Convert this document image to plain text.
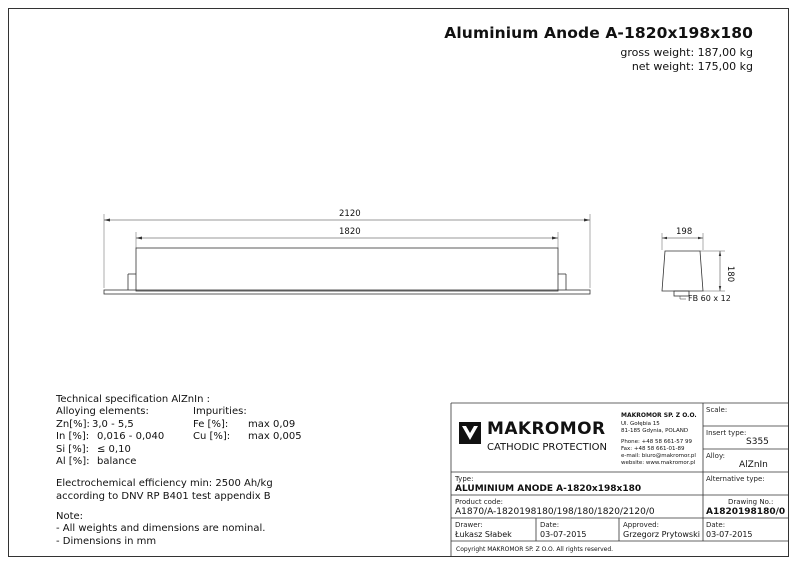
Aluminium Anode A-1820x198x180
gross weight: 187,00 kg
net weight: 175,00 kg
2120
1820	198
180
FB 60 x 12
Technical specification AlZnIn :
Alloying elements:	Impurities:
Zn[%]: 3,0 - 5,5
In [%]: 0,016 - 0,040
Si [%]: ≤ 0,10
Al [%]: balance
Fe [%]: max 0,09
Cu [%]: max 0,005
Electrochemical efficiency min: 2500 Ah/kg
according to DNV RP B401 test appendix B
Note:
- All weights and dimensions are nominal.
- Dimensions in mm
MAKROMOR
CATHODIC PROTECTION
MAKROMOR SP. Z O.O.
Ul. Gołębia 15
81-185 Gdynia, POLAND
Phone: +48 58 661-57 99
Fax: +48 58 661-01-89
e-mail: biuro@makromor.pl
website: www.makromor.pl
Scale:
Insert type:
S355
Alloy:
AlZnIn
Type:
ALUMINIUM ANODE A-1820x198x180
Alternative type:
Product code:
A1870/A-1820198180/198/180/1820/2120/0
Drawing No.:
A1820198180/0
Drawer:
Łukasz Słabek
Date:
03-07-2015
Approved:
Grzegorz Prytowski
Date:
03-07-2015
Copyright MAKROMOR SP. Z O.O. All rights reserved.
